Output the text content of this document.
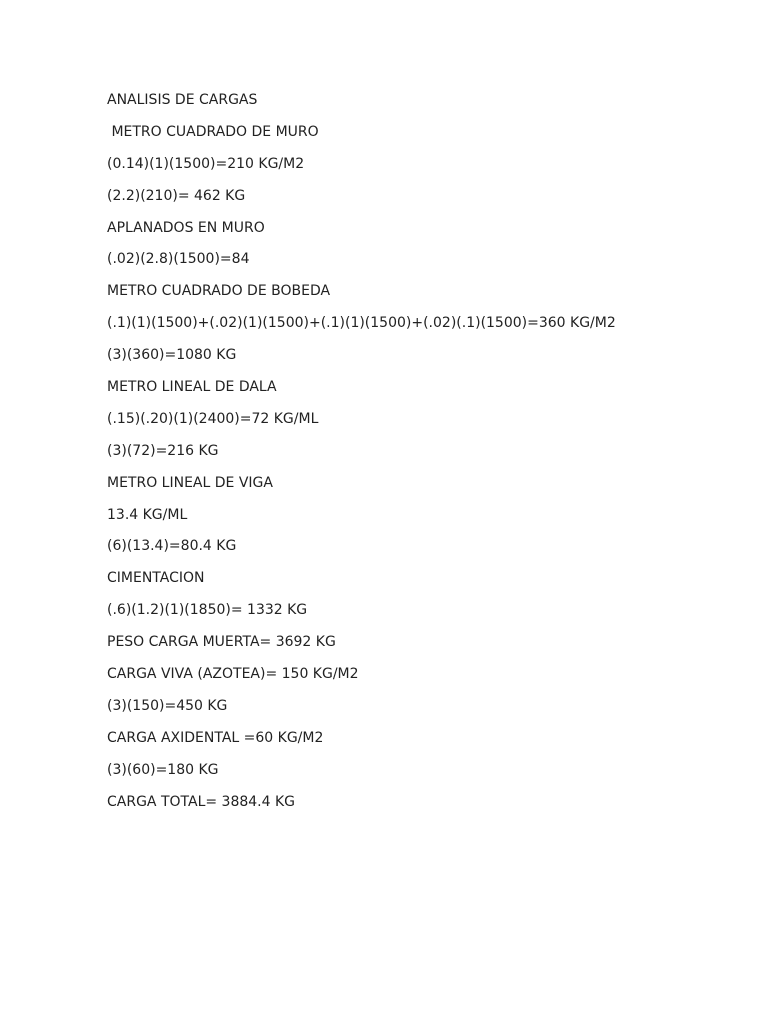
ANALISIS DE CARGAS
METRO CUADRADO DE MURO
(0.14)(1)(1500)=210 KG/M2
(2.2)(210)= 462 KG
APLANADOS EN MURO
(.02)(2.8)(1500)=84
METRO CUADRADO DE BOBEDA
(.1)(1)(1500)+(.02)(1)(1500)+(.1)(1)(1500)+(.02)(.1)(1500)=360 KG/M2
(3)(360)=1080 KG
METRO LINEAL DE DALA
(.15)(.20)(1)(2400)=72 KG/ML
(3)(72)=216 KG
METRO LINEAL DE VIGA
13.4 KG/ML
(6)(13.4)=80.4 KG
CIMENTACION
(.6)(1.2)(1)(1850)= 1332 KG
PESO CARGA MUERTA= 3692 KG
CARGA VIVA (AZOTEA)= 150 KG/M2
(3)(150)=450 KG
CARGA AXIDENTAL =60 KG/M2
(3)(60)=180 KG
CARGA TOTAL= 3884.4 KG
